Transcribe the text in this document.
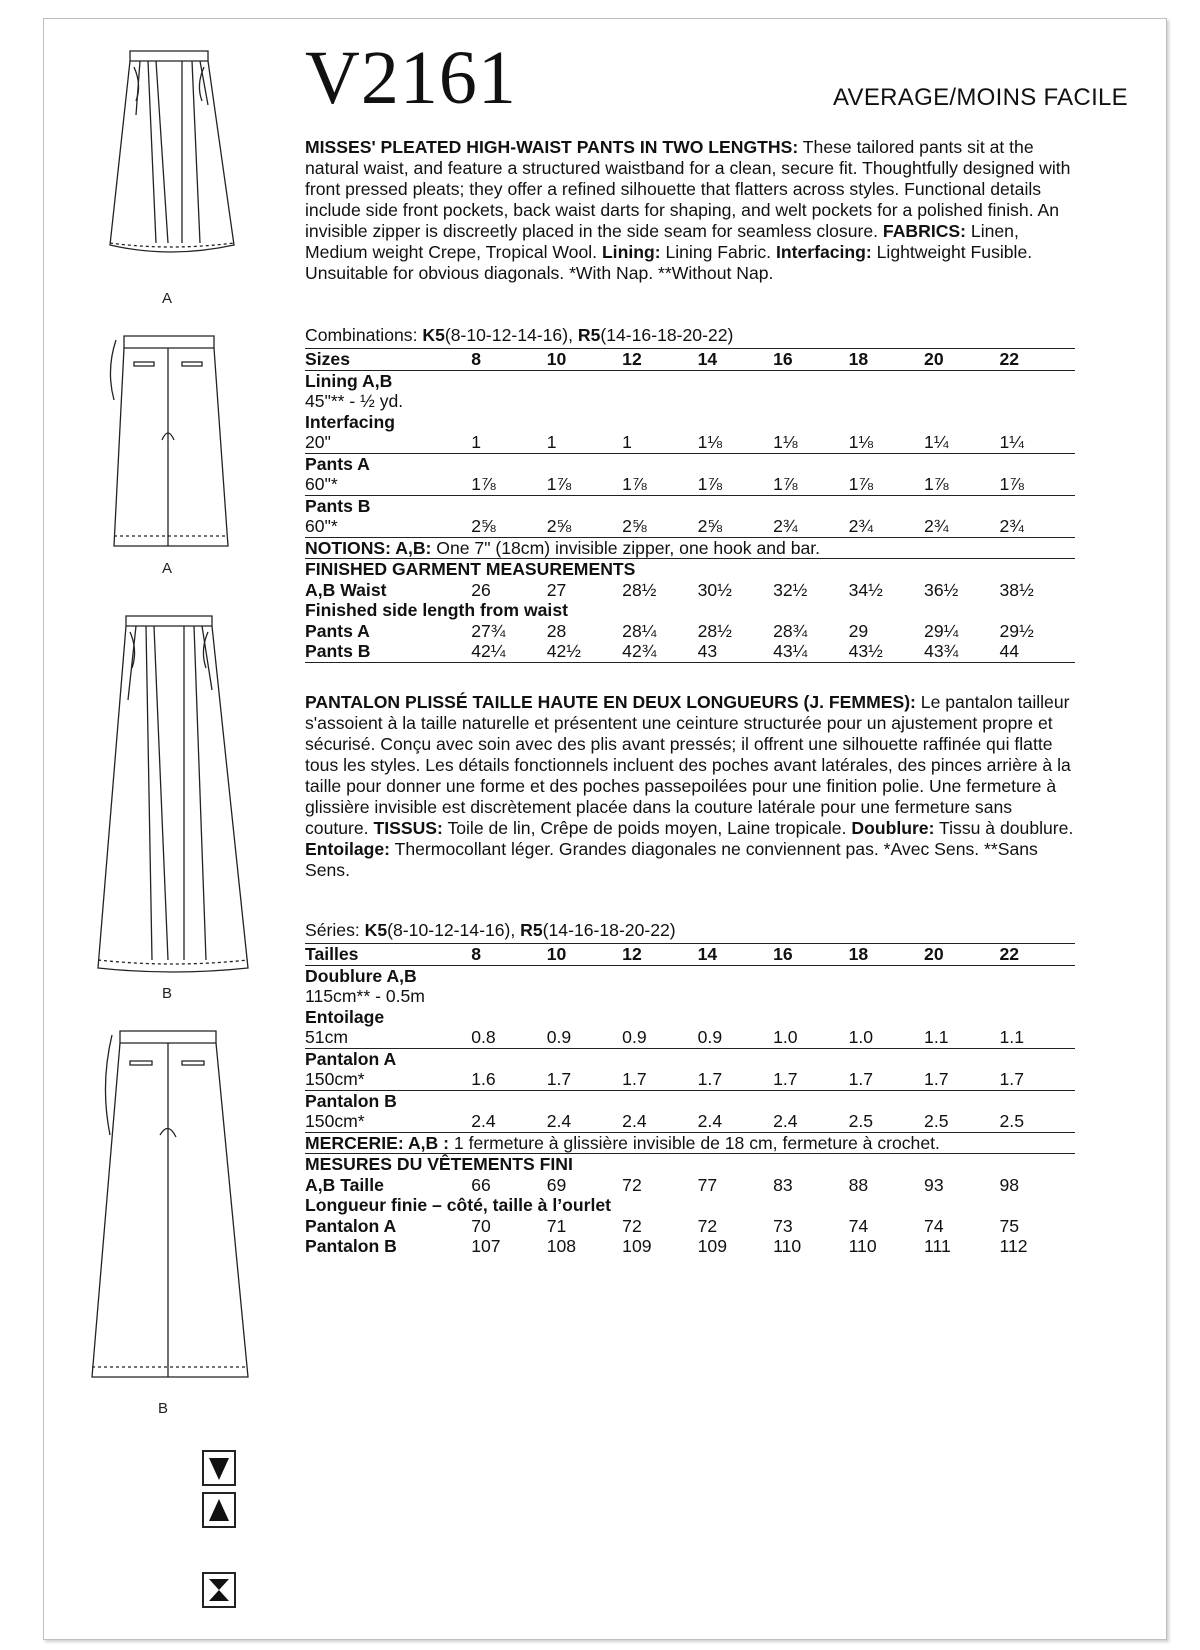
A
A
B
B
V2161	AVERAGE/MOINS FACILE
MISSES' PLEATED HIGH-WAIST PANTS IN TWO LENGTHS: These tailored pants sit at the natural waist, and feature a structured waistband for a clean, secure fit. Thoughtfully designed with front pressed pleats; they offer a refined silhouette that flatters across styles. Functional details include side front pockets, back waist darts for shaping, and welt pockets for a polished finish. An invisible zipper is discreetly placed in the side seam for seamless closure. FABRICS: Linen, Medium weight Crepe, Tropical Wool. Lining: Lining Fabric. Interfacing: Lightweight Fusible. Unsuitable for obvious diagonals. *With Nap. **Without Nap.
Combinations: K5(8-10-12-14-16), R5(14-16-18-20-22)
Sizes	8	10	12	14	16	18	20	22
Lining A,B								
45"** - ½ yd.								
Interfacing								
20"	1	1	1	1⅛	1⅛	1⅛	1¼	1¼
Pants A								
60"*	1⅞	1⅞	1⅞	1⅞	1⅞	1⅞	1⅞	1⅞
Pants B								
60"*	2⅝	2⅝	2⅝	2⅝	2¾	2¾	2¾	2¾
NOTIONS: A,B: One 7" (18cm) invisible zipper, one hook and bar.								
FINISHED GARMENT MEASUREMENTS								
A,B Waist	26	27	28½	30½	32½	34½	36½	38½
Finished side length from waist								
Pants A	27¾	28	28¼	28½	28¾	29	29¼	29½
Pants B	42¼	42½	42¾	43	43¼	43½	43¾	44

PANTALON PLISSÉ TAILLE HAUTE EN DEUX LONGUEURS (J. FEMMES): Le pantalon tailleur s'assoient à la taille naturelle et présentent une ceinture structurée pour un ajustement propre et sécurisé. Conçu avec soin avec des plis avant pressés; il offrent une silhouette raffinée qui flatte tous les styles. Les détails fonctionnels incluent des poches avant latérales, des pinces arrière à la taille pour donner une forme et des poches passepoilées pour une finition polie. Une fermeture à glissière invisible est discrètement placée dans la couture latérale pour une fermeture sans couture. TISSUS: Toile de lin, Crêpe de poids moyen, Laine tropicale. Doublure: Tissu à doublure. Entoilage: Thermocollant léger. Grandes diagonales ne conviennent pas. *Avec Sens. **Sans Sens.
Séries: K5(8-10-12-14-16), R5(14-16-18-20-22)
Tailles	8	10	12	14	16	18	20	22
Doublure A,B								
115cm** - 0.5m								
Entoilage								
51cm	0.8	0.9	0.9	0.9	1.0	1.0	1.1	1.1
Pantalon A								
150cm*	1.6	1.7	1.7	1.7	1.7	1.7	1.7	1.7
Pantalon B								
150cm*	2.4	2.4	2.4	2.4	2.4	2.5	2.5	2.5
MERCERIE: A,B : 1 fermeture à glissière invisible de 18 cm, fermeture à crochet.								
MESURES DU VÊTEMENTS FINI								
A,B Taille	66	69	72	77	83	88	93	98
Longueur finie – côté, taille à l’ourlet								
Pantalon A	70	71	72	72	73	74	74	75
Pantalon B	107	108	109	109	110	110	111	112
